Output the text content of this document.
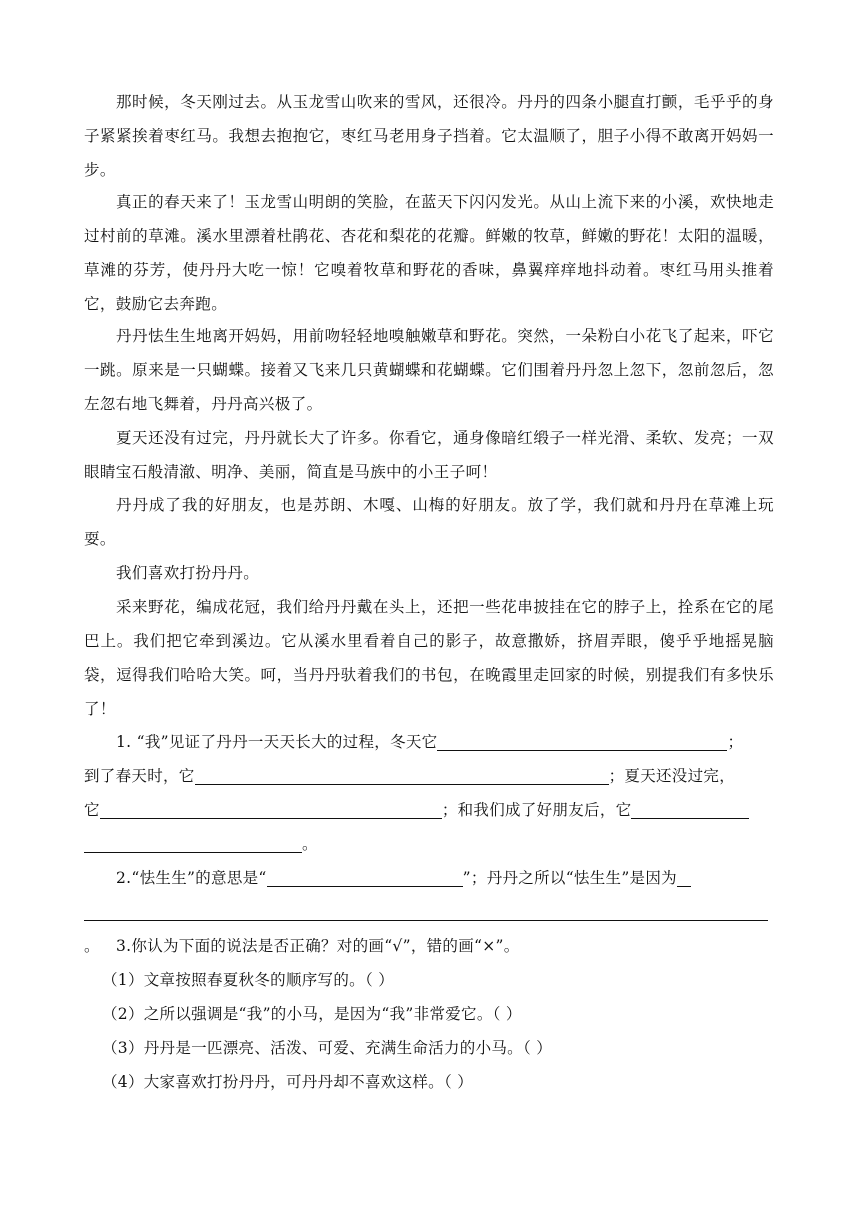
那时候，冬天刚过去。从玉龙雪山吹来的雪风，还很冷。丹丹的四条小腿直打颤，毛乎乎的身子紧紧挨着枣红马。我想去抱抱它，枣红马老用身子挡着。它太温顺了，胆子小得不敢离开妈妈一步。

真正的春天来了！玉龙雪山明朗的笑脸，在蓝天下闪闪发光。从山上流下来的小溪，欢快地走过村前的草滩。溪水里漂着杜鹃花、杏花和梨花的花瓣。鲜嫩的牧草，鲜嫩的野花！太阳的温暖，草滩的芬芳，使丹丹大吃一惊！它嗅着牧草和野花的香味，鼻翼痒痒地抖动着。枣红马用头推着它，鼓励它去奔跑。

丹丹怯生生地离开妈妈，用前吻轻轻地嗅触嫩草和野花。突然，一朵粉白小花飞了起来，吓它一跳。原来是一只蝴蝶。接着又飞来几只黄蝴蝶和花蝴蝶。它们围着丹丹忽上忽下，忽前忽后，忽左忽右地飞舞着，丹丹高兴极了。

夏天还没有过完，丹丹就长大了许多。你看它，通身像暗红缎子一样光滑、柔软、发亮；一双眼睛宝石般清澈、明净、美丽，简直是马族中的小王子呵！

丹丹成了我的好朋友，也是苏朗、木嘎、山梅的好朋友。放了学，我们就和丹丹在草滩上玩耍。

我们喜欢打扮丹丹。

采来野花，编成花冠，我们给丹丹戴在头上，还把一些花串披挂在它的脖子上，拴系在它的尾巴上。我们把它牵到溪边。它从溪水里看着自己的影子，故意撒娇，挤眉弄眼，傻乎乎地摇晃脑袋，逗得我们哈哈大笑。呵，当丹丹驮着我们的书包，在晚霞里走回家的时候，别提我们有多快乐了！

1. “我”见证了丹丹一天天长大的过程，冬天它	；
到了春天时，它	；夏天还没过完，
它	；和我们成了好朋友后，它
。
2.“怯生生”的意思是“	”；丹丹之所以“怯生生”是因为
。	3.你认为下面的说法是否正确？对的画“√”，错的画“×”。
（1）文章按照春夏秋冬的顺序写的。（ ）
（2）之所以强调是“我”的小马，是因为“我”非常爱它。（ ）
（3）丹丹是一匹漂亮、活泼、可爱、充满生命活力的小马。（ ）
（4）大家喜欢打扮丹丹，可丹丹却不喜欢这样。（ ）
